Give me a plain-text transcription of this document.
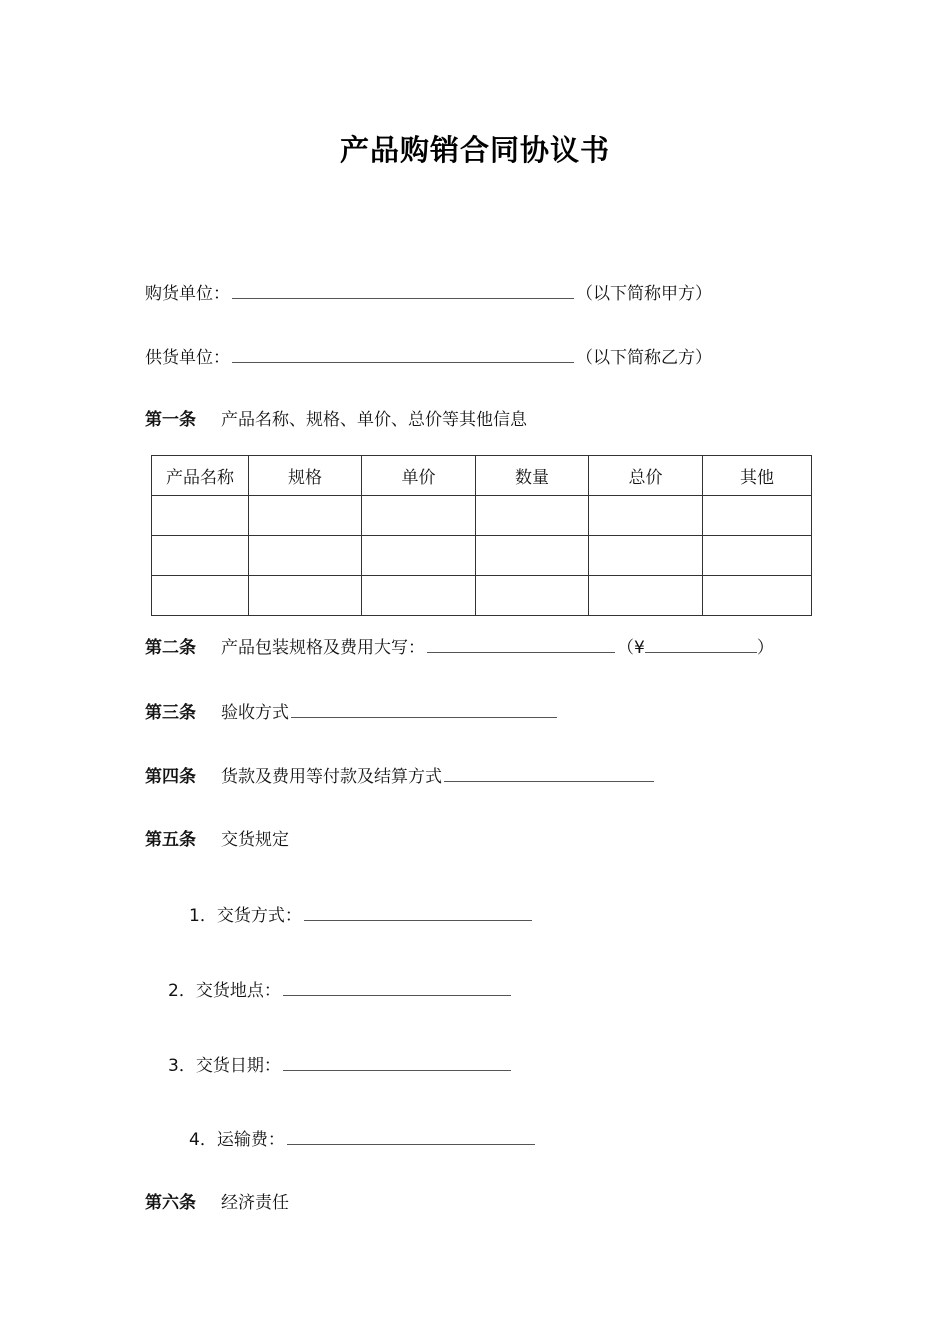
产品购销合同协议书
购货单位：	（以下简称甲方）
供货单位：	（以下简称乙方）
第一条 产品名称、规格、单价、总价等其他信息
产品名称	规格	单价	数量	总价	其他

第二条 产品包装规格及费用大写：	（¥	）
第三条 验收方式
第四条 货款及费用等付款及结算方式
第五条 交货规定
1．交货方式：
2．交货地点：
3．交货日期：
4．运输费：
第六条 经济责任
